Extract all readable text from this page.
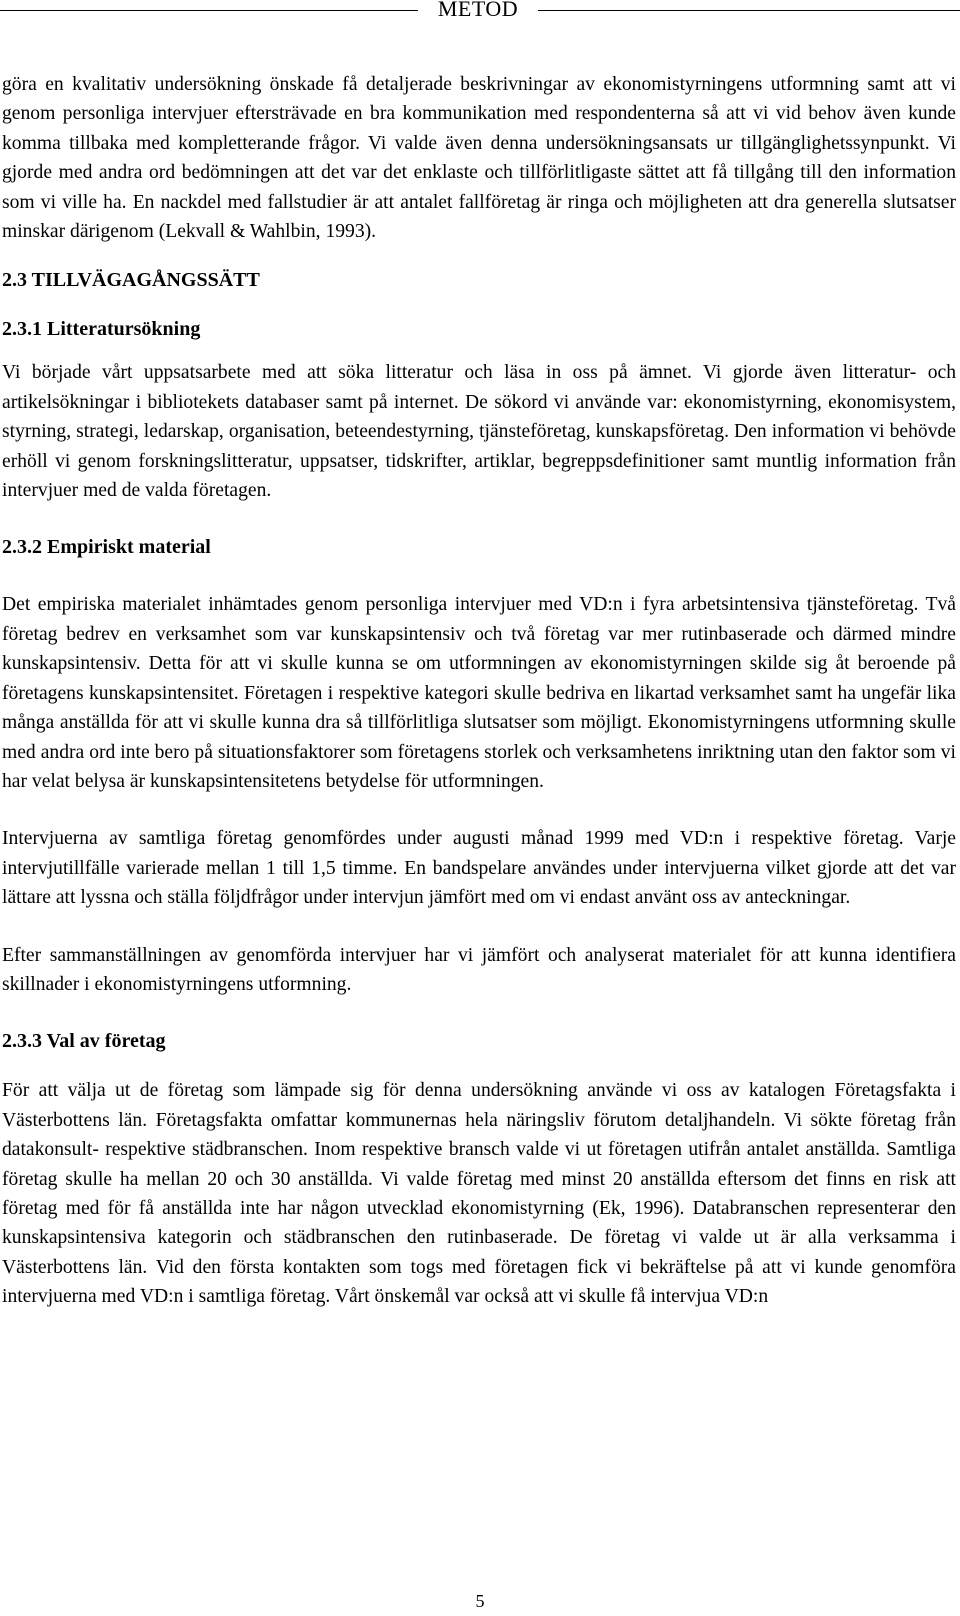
METOD

göra en kvalitativ undersökning önskade få detaljerade beskrivningar av ekonomistyrningens utformning samt att vi genom personliga intervjuer eftersträvade en bra kommunikation med respondenterna så att vi vid behov även kunde komma tillbaka med kompletterande frågor. Vi valde även denna undersökningsansats ur tillgänglighetssynpunkt. Vi gjorde med andra ord bedömningen att det var det enklaste och tillförlitligaste sättet att få tillgång till den information som vi ville ha. En nackdel med fallstudier är att antalet fallföretag är ringa och möjligheten att dra generella slutsatser minskar därigenom (Lekvall & Wahlbin, 1993).

2.3 TILLVÄGAGÅNGSSÄTT
2.3.1 Litteratursökning

Vi började vårt uppsatsarbete med att söka litteratur och läsa in oss på ämnet. Vi gjorde även litteratur- och artikelsökningar i bibliotekets databaser samt på internet. De sökord vi använde var: ekonomistyrning, ekonomisystem, styrning, strategi, ledarskap, organisation, beteendestyrning, tjänsteföretag, kunskapsföretag. Den information vi behövde erhöll vi genom forskningslitteratur, uppsatser, tidskrifter, artiklar, begreppsdefinitioner samt muntlig information från intervjuer med de valda företagen.

2.3.2 Empiriskt material

Det empiriska materialet inhämtades genom personliga intervjuer med VD:n i fyra arbetsintensiva tjänsteföretag. Två företag bedrev en verksamhet som var kunskapsintensiv och två företag var mer rutinbaserade och därmed mindre kunskapsintensiv. Detta för att vi skulle kunna se om utformningen av ekonomistyrningen skilde sig åt beroende på företagens kunskapsintensitet. Företagen i respektive kategori skulle bedriva en likartad verksamhet samt ha ungefär lika många anställda för att vi skulle kunna dra så tillförlitliga slutsatser som möjligt. Ekonomistyrningens utformning skulle med andra ord inte bero på situationsfaktorer som företagens storlek och verksamhetens inriktning utan den faktor som vi har velat belysa är kunskapsintensitetens betydelse för utformningen.

Intervjuerna av samtliga företag genomfördes under augusti månad 1999 med VD:n i respektive företag. Varje intervjutillfälle varierade mellan 1 till 1,5 timme. En bandspelare användes under intervjuerna vilket gjorde att det var lättare att lyssna och ställa följdfrågor under intervjun jämfört med om vi endast använt oss av anteckningar.

Efter sammanställningen av genomförda intervjuer har vi jämfört och analyserat materialet för att kunna identifiera skillnader i ekonomistyrningens utformning.

2.3.3 Val av företag

För att välja ut de företag som lämpade sig för denna undersökning använde vi oss av katalogen Företagsfakta i Västerbottens län. Företagsfakta omfattar kommunernas hela näringsliv förutom detaljhandeln. Vi sökte företag från datakonsult- respektive städbranschen. Inom respektive bransch valde vi ut företagen utifrån antalet anställda. Samtliga företag skulle ha mellan 20 och 30 anställda. Vi valde företag med minst 20 anställda eftersom det finns en risk att företag med för få anställda inte har någon utvecklad ekonomistyrning (Ek, 1996). Databranschen representerar den kunskapsintensiva kategorin och städbranschen den rutinbaserade. De företag vi valde ut är alla verksamma i Västerbottens län. Vid den första kontakten som togs med företagen fick vi bekräftelse på att vi kunde genomföra intervjuerna med VD:n i samtliga företag. Vårt önskemål var också att vi skulle få intervjua VD:n

5
